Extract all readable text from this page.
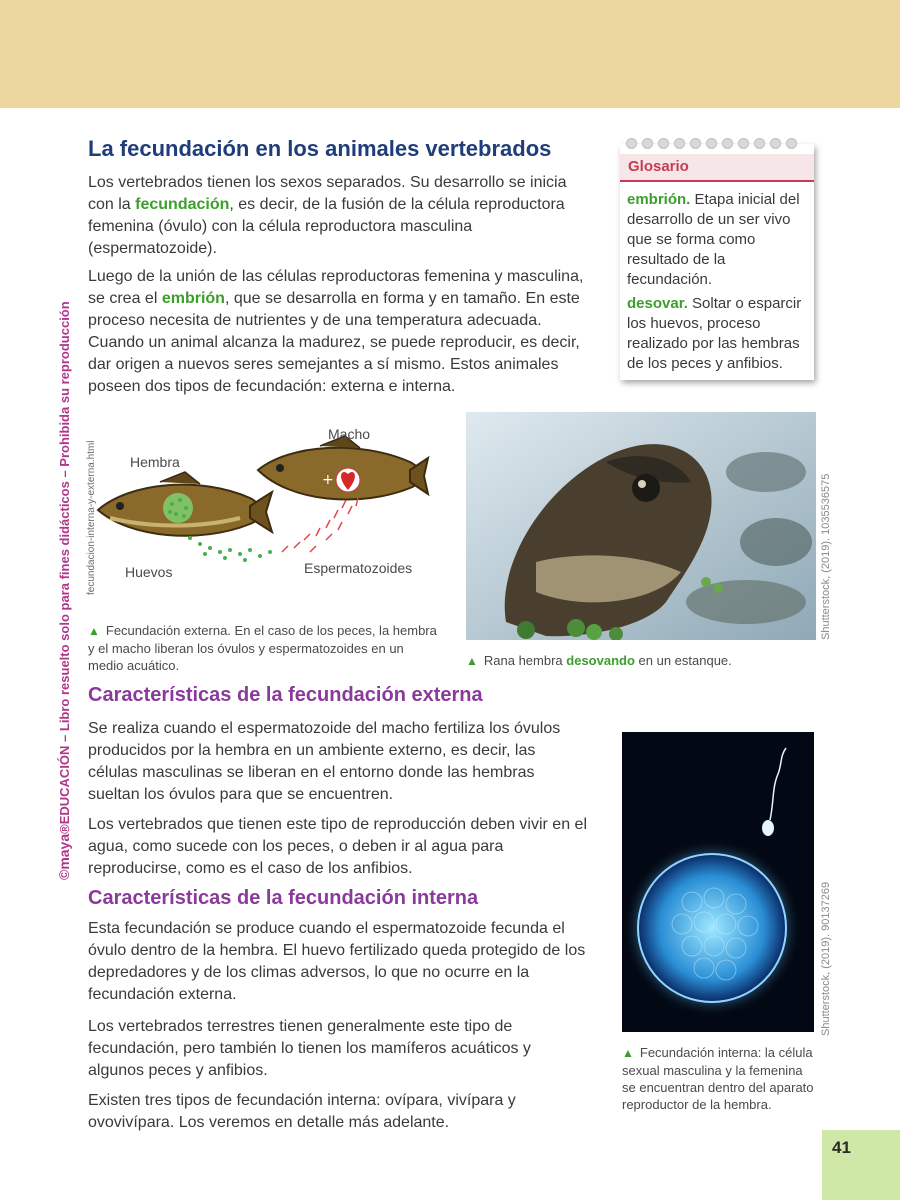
©maya®EDUCACIÓN – Libro resuelto solo para fines didácticos – Prohibida su reproducción fecundacion-interna-y-externa.html
La fecundación en los animales vertebrados

Los vertebrados tienen los sexos separados. Su desarrollo se inicia con la fecundación, es decir, de la fusión de la célula reproductora femenina (óvulo) con la célula reproductora masculina (espermatozoide).

Luego de la unión de las células reproductoras femenina y masculina, se crea el embrión, que se desarrolla en forma y en tamaño. En este proceso necesita de nutrientes y de una temperatura adecuada. Cuando un animal alcanza la madurez, se puede reproducir, es decir, dar origen a nuevos seres semejantes a sí mismo. Estos animales poseen dos tipos de fecundación: externa e interna.

Glosario

embrión. Etapa inicial del desarrollo de un ser vivo que se forma como resultado de la fecundación.

desovar. Soltar o esparcir los huevos, proceso realizado por las hembras de los peces y anfibios.

+
Macho
Hembra
Huevos	Espermatozoides

▲ Fecundación externa. En el caso de los peces, la hembra y el macho liberan los óvulos y espermatozoides en un medio acuático.

Shutterstock, (2019). 1035536575

▲ Rana hembra desovando en un estanque.

Características de la fecundación externa

Se realiza cuando el espermatozoide del macho fertiliza los óvulos producidos por la hembra en un ambiente externo, es decir, las células masculinas se liberan en el entorno donde las hembras sueltan los óvulos para que se encuentren.

Los vertebrados que tienen este tipo de reproducción deben vivir en el agua, como sucede con los peces, o deben ir al agua para reproducirse, como es el caso de los anfibios.

Características de la fecundación interna

Esta fecundación se produce cuando el espermatozoide fecunda el óvulo dentro de la hembra. El huevo fertilizado queda protegido de los depredadores y de los climas adversos, lo que no ocurre en la fecundación externa.

Los vertebrados terrestres tienen generalmente este tipo de fecundación, pero también lo tienen los mamíferos acuáticos y algunos peces y anfibios.

Existen tres tipos de fecundación interna: ovípara, vivípara y ovovivípara. Los veremos en detalle más adelante.

Shutterstock, (2019). 90137269

▲ Fecundación interna: la célula sexual masculina y la femenina se encuentran dentro del aparato reproductor de la hembra.

41
